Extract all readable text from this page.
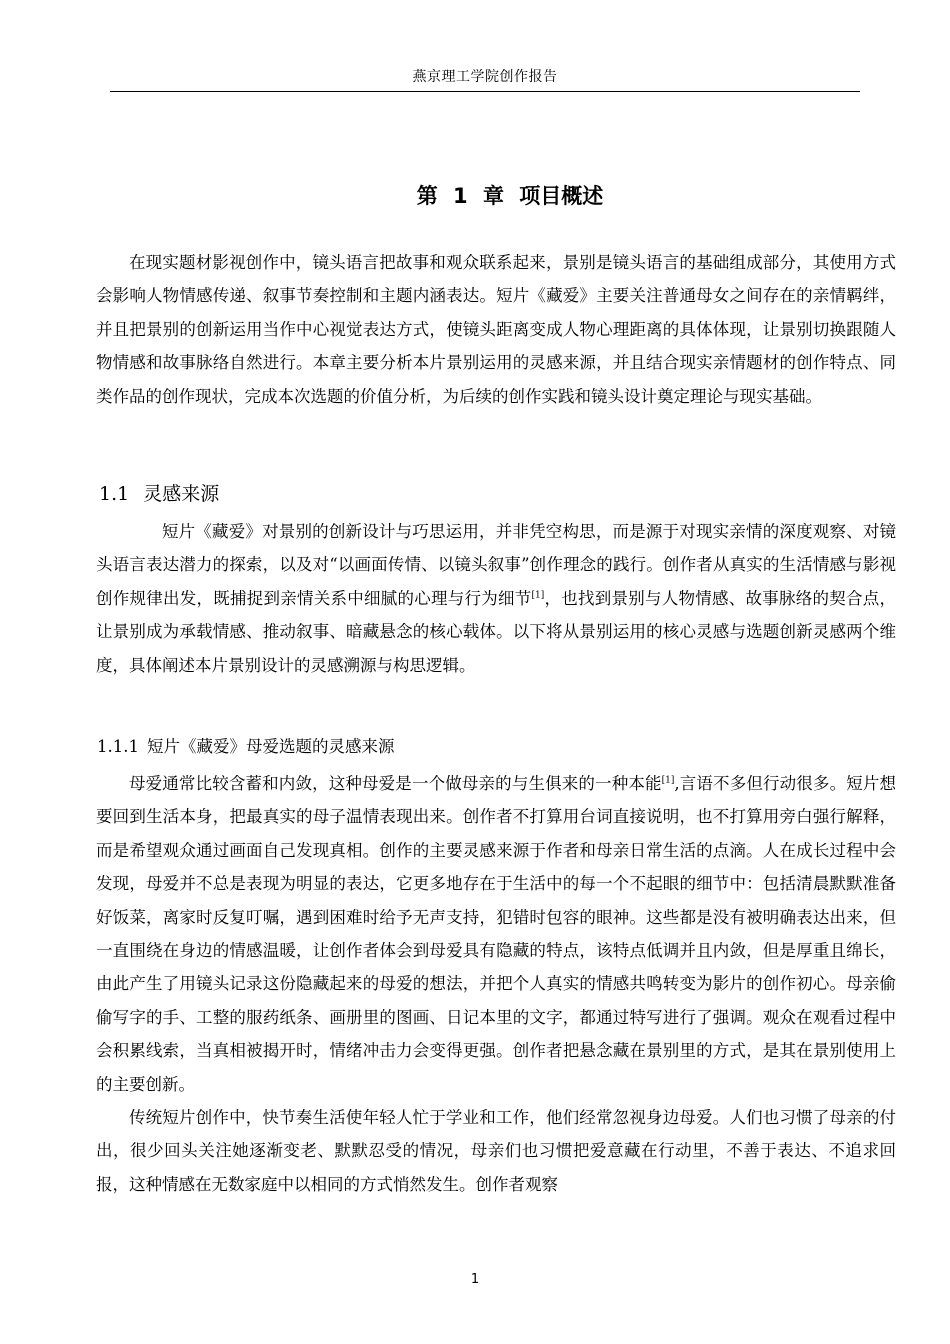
燕京理工学院创作报告
第 1 章 项目概述

在现实题材影视创作中，镜头语言把故事和观众联系起来，景别是镜头语言的基础组成部分，其使用方式会影响人物情感传递、叙事节奏控制和主题内涵表达。短片《藏爱》主要关注普通母女之间存在的亲情羁绊，并且把景别的创新运用当作中心视觉表达方式，使镜头距离变成人物心理距离的具体体现，让景别切换跟随人物情感和故事脉络自然进行。本章主要分析本片景别运用的灵感来源，并且结合现实亲情题材的创作特点、同类作品的创作现状，完成本次选题的价值分析，为后续的创作实践和镜头设计奠定理论与现实基础。

1.1 灵感来源

短片《藏爱》对景别的创新设计与巧思运用，并非凭空构思，而是源于对现实亲情的深度观察、对镜头语言表达潜力的探索，以及对“以画面传情、以镜头叙事”创作理念的践行。创作者从真实的生活情感与影视创作规律出发，既捕捉到亲情关系中细腻的心理与行为细节[1]，也找到景别与人物情感、故事脉络的契合点，让景别成为承载情感、推动叙事、暗藏悬念的核心载体。以下将从景别运用的核心灵感与选题创新灵感两个维度，具体阐述本片景别设计的灵感溯源与构思逻辑。

1.1.1 短片《藏爱》母爱选题的灵感来源

母爱通常比较含蓄和内敛，这种母爱是一个做母亲的与生俱来的一种本能[1],言语不多但行动很多。短片想要回到生活本身，把最真实的母子温情表现出来。创作者不打算用台词直接说明，也不打算用旁白强行解释，而是希望观众通过画面自己发现真相。创作的主要灵感来源于作者和母亲日常生活的点滴。人在成长过程中会发现，母爱并不总是表现为明显的表达，它更多地存在于生活中的每一个不起眼的细节中：包括清晨默默准备好饭菜，离家时反复叮嘱，遇到困难时给予无声支持，犯错时包容的眼神。这些都是没有被明确表达出来，但一直围绕在身边的情感温暖，让创作者体会到母爱具有隐藏的特点，该特点低调并且内敛，但是厚重且绵长，由此产生了用镜头记录这份隐藏起来的母爱的想法，并把个人真实的情感共鸣转变为影片的创作初心。母亲偷偷写字的手、工整的服药纸条、画册里的图画、日记本里的文字，都通过特写进行了强调。观众在观看过程中会积累线索，当真相被揭开时，情绪冲击力会变得更强。创作者把悬念藏在景别里的方式，是其在景别使用上的主要创新。

传统短片创作中，快节奏生活使年轻人忙于学业和工作，他们经常忽视身边母爱。人们也习惯了母亲的付出，很少回头关注她逐渐变老、默默忍受的情况，母亲们也习惯把爱意藏在行动里，不善于表达、不追求回报，这种情感在无数家庭中以相同的方式悄然发生。创作者观察

1
